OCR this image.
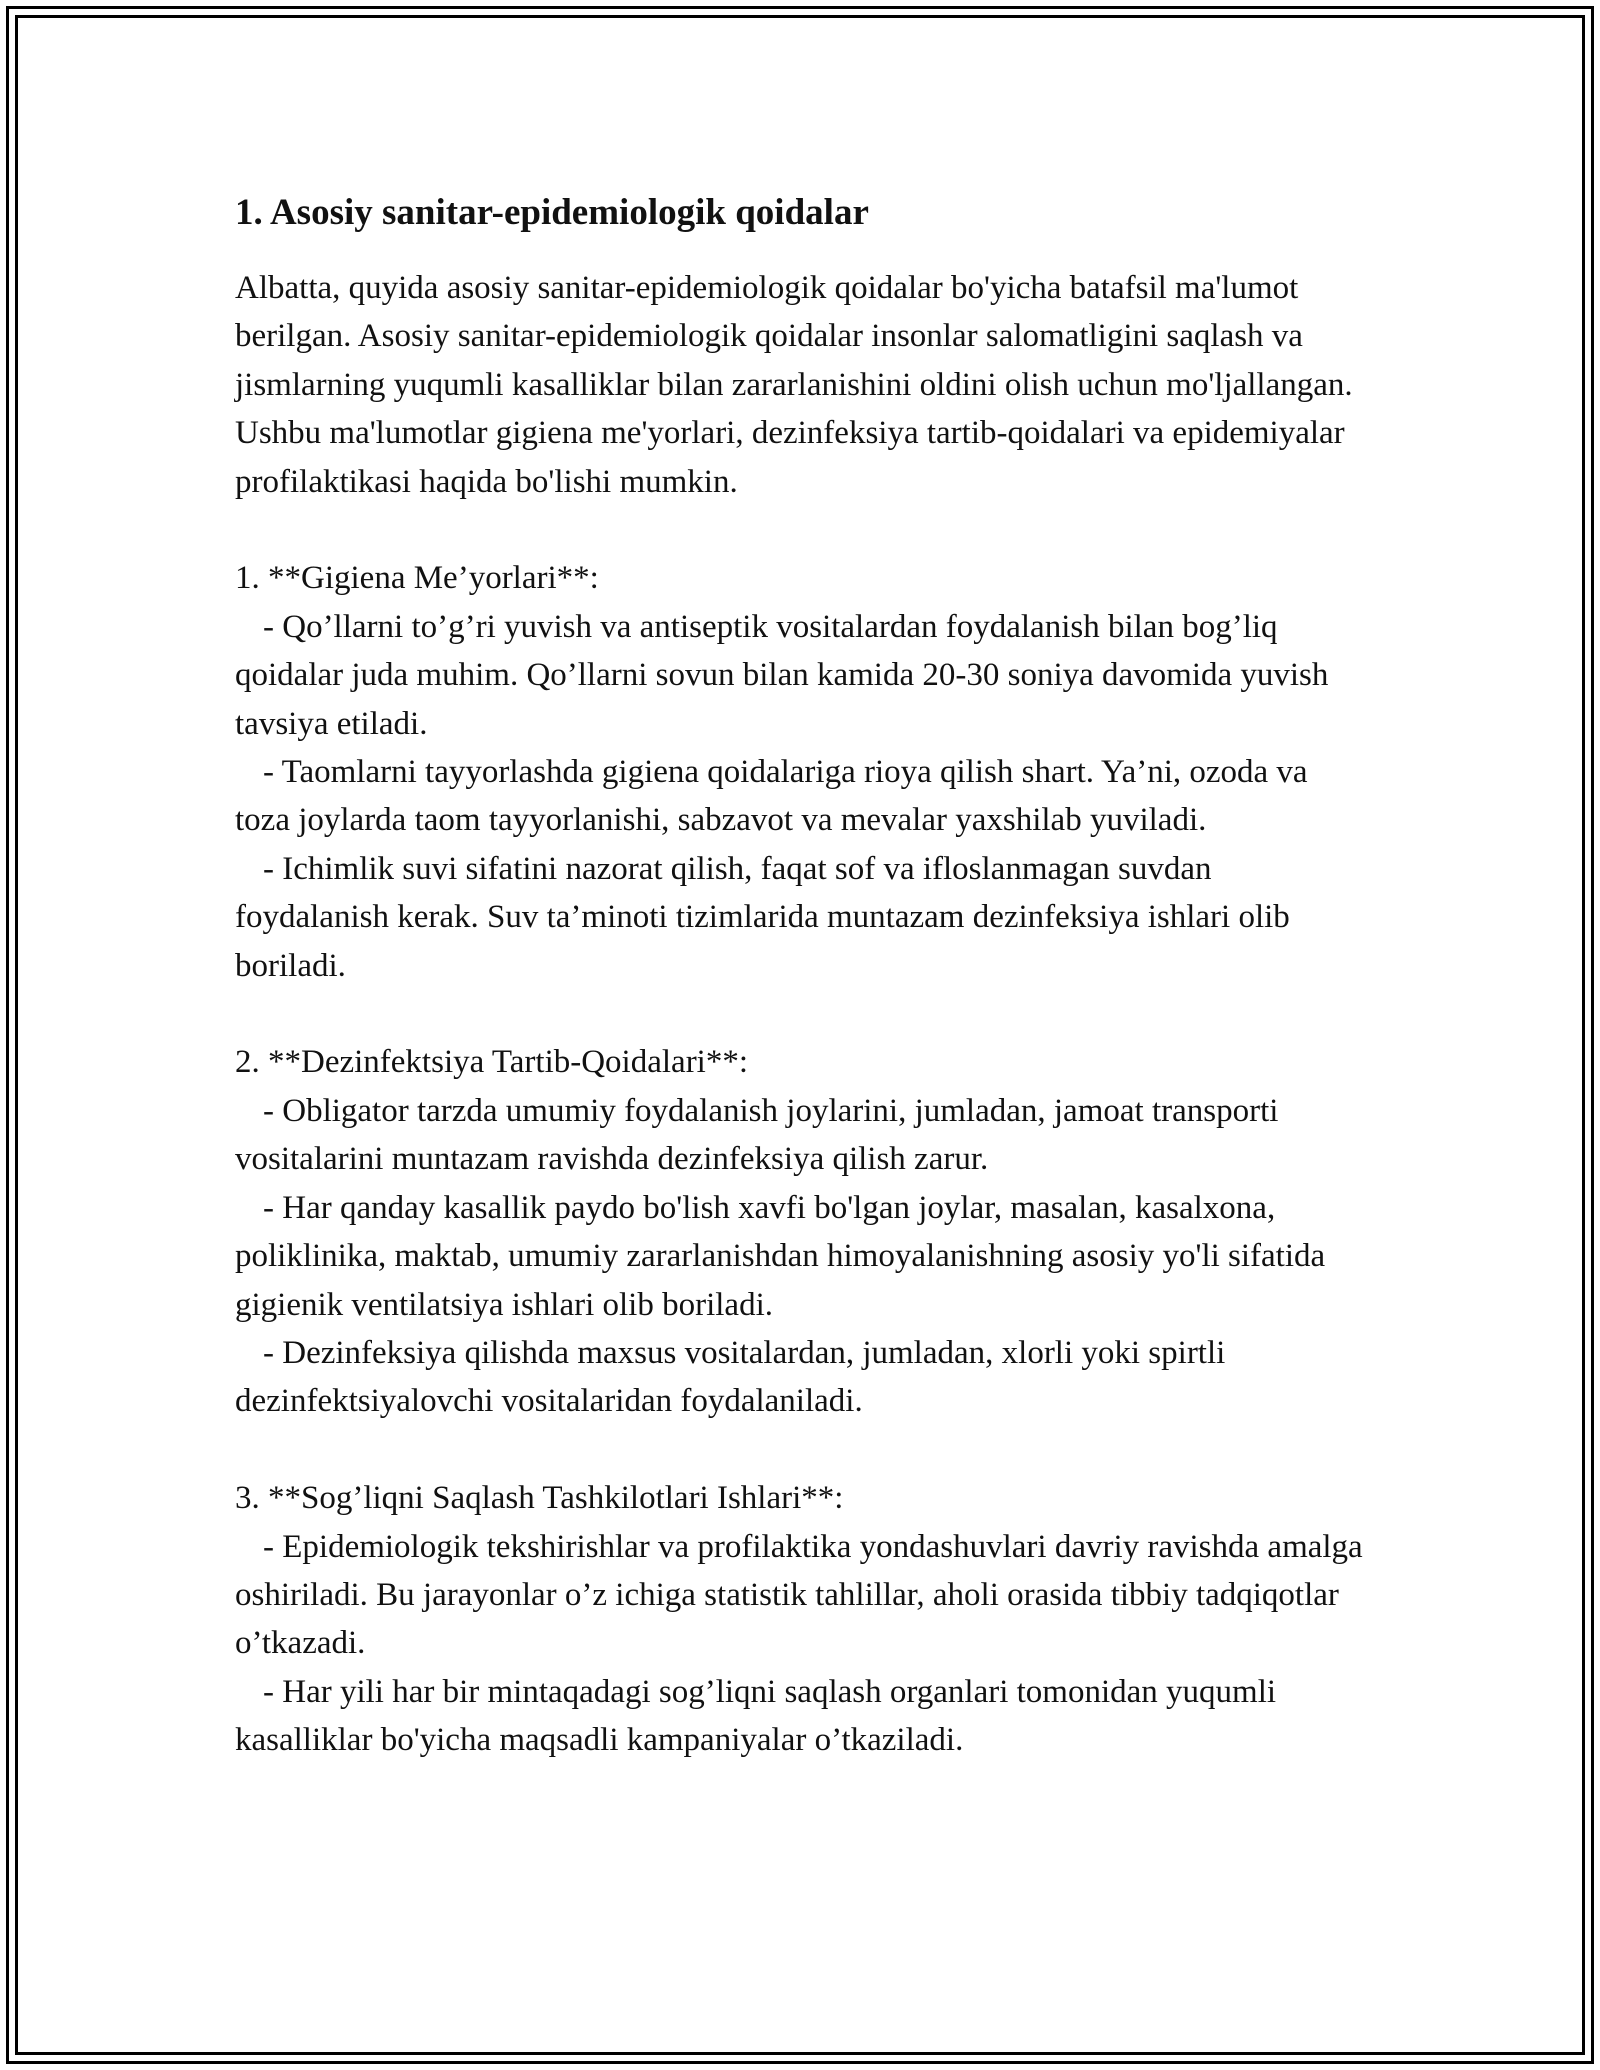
1. Asosiy sanitar-epidemiologik qoidalar

Albatta, quyida asosiy sanitar-epidemiologik qoidalar bo'yicha batafsil ma'lumot berilgan. Asosiy sanitar-epidemiologik qoidalar insonlar salomatligini saqlash va jismlarning yuqumli kasalliklar bilan zararlanishini oldini olish uchun mo'ljallangan. Ushbu ma'lumotlar gigiena me'yorlari, dezinfeksiya tartib-qoidalari va epidemiyalar profilaktikasi haqida bo'lishi mumkin.

1. **Gigiena Me’yorlari**:

- Qo’llarni to’g’ri yuvish va antiseptik vositalardan foydalanish bilan bog’liq qoidalar juda muhim. Qo’llarni sovun bilan kamida 20-30 soniya davomida yuvish tavsiya etiladi.

- Taomlarni tayyorlashda gigiena qoidalariga rioya qilish shart. Ya’ni, ozoda va toza joylarda taom tayyorlanishi, sabzavot va mevalar yaxshilab yuviladi.

- Ichimlik suvi sifatini nazorat qilish, faqat sof va ifloslanmagan suvdan foydalanish kerak. Suv ta’minoti tizimlarida muntazam dezinfeksiya ishlari olib boriladi.

2. **Dezinfektsiya Tartib-Qoidalari**:

- Obligator tarzda umumiy foydalanish joylarini, jumladan, jamoat transporti vositalarini muntazam ravishda dezinfeksiya qilish zarur.

- Har qanday kasallik paydo bo'lish xavfi bo'lgan joylar, masalan, kasalxona, poliklinika, maktab, umumiy zararlanishdan himoyalanishning asosiy yo'li sifatida gigienik ventilatsiya ishlari olib boriladi.

- Dezinfeksiya qilishda maxsus vositalardan, jumladan, xlorli yoki spirtli dezinfektsiyalovchi vositalaridan foydalaniladi.

3. **Sog’liqni Saqlash Tashkilotlari Ishlari**:

- Epidemiologik tekshirishlar va profilaktika yondashuvlari davriy ravishda amalga oshiriladi. Bu jarayonlar o’z ichiga statistik tahlillar, aholi orasida tibbiy tadqiqotlar o’tkazadi.

- Har yili har bir mintaqadagi sog’liqni saqlash organlari tomonidan yuqumli kasalliklar bo'yicha maqsadli kampaniyalar o’tkaziladi.
